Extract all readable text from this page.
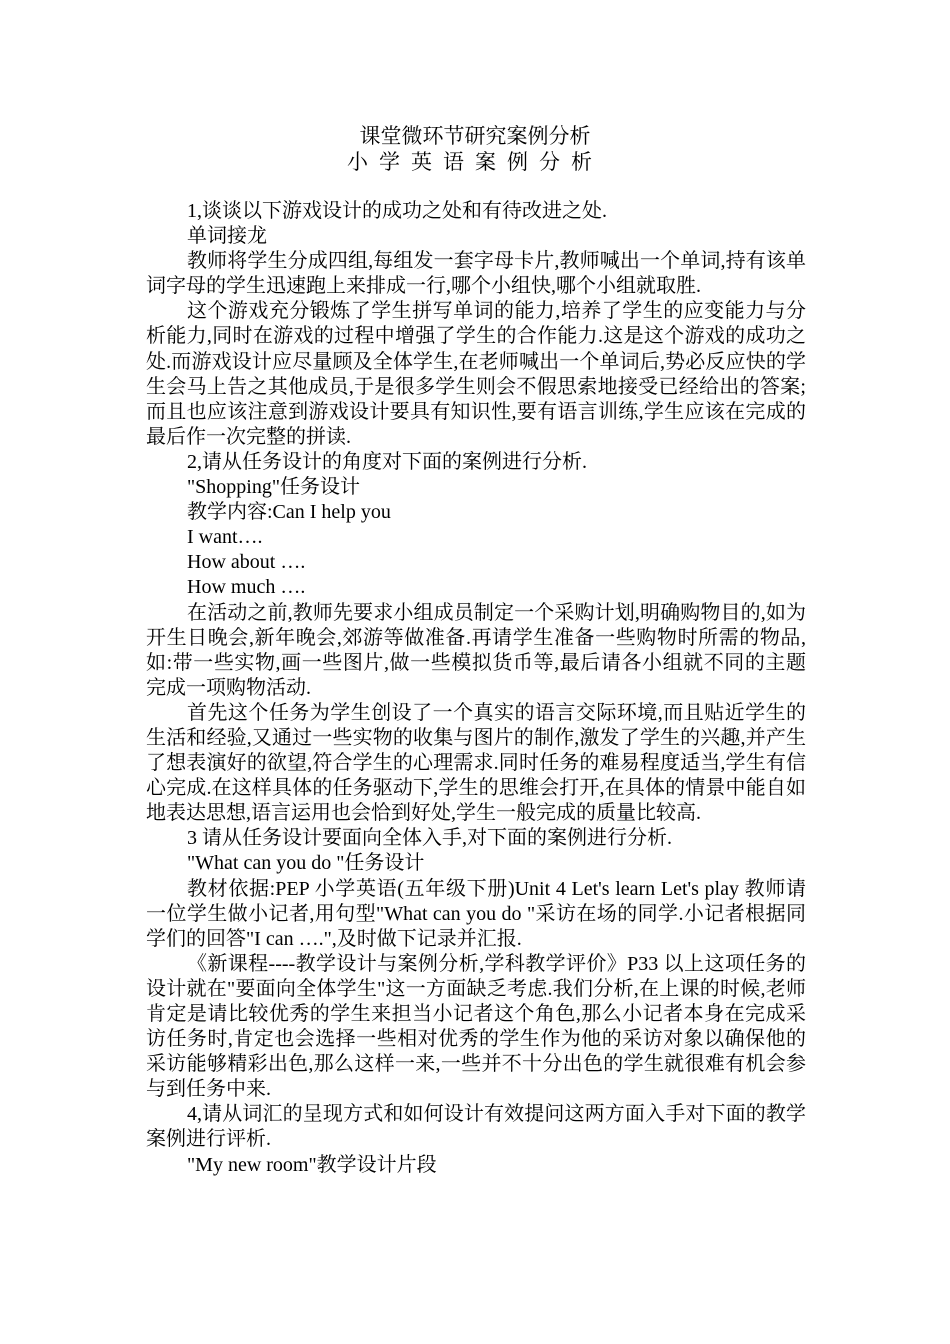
课堂微环节研究案例分析
小学英语案例分析

1,谈谈以下游戏设计的成功之处和有待改进之处.

单词接龙

教师将学生分成四组,每组发一套字母卡片,教师喊出一个单词,持有该单词字母的学生迅速跑上来排成一行,哪个小组快,哪个小组就取胜.

这个游戏充分锻炼了学生拼写单词的能力,培养了学生的应变能力与分析能力,同时在游戏的过程中增强了学生的合作能力.这是这个游戏的成功之处.而游戏设计应尽量顾及全体学生,在老师喊出一个单词后,势必反应快的学生会马上告之其他成员,于是很多学生则会不假思索地接受已经给出的答案;而且也应该注意到游戏设计要具有知识性,要有语言训练,学生应该在完成的最后作一次完整的拼读.

2,请从任务设计的角度对下面的案例进行分析.

"Shopping"任务设计

教学内容:Can I help you

I want….

How about ….

How much ….

在活动之前,教师先要求小组成员制定一个采购计划,明确购物目的,如为开生日晚会,新年晚会,郊游等做准备.再请学生准备一些购物时所需的物品,如:带一些实物,画一些图片,做一些模拟货币等,最后请各小组就不同的主题完成一项购物活动.

首先这个任务为学生创设了一个真实的语言交际环境,而且贴近学生的生活和经验,又通过一些实物的收集与图片的制作,激发了学生的兴趣,并产生了想表演好的欲望,符合学生的心理需求.同时任务的难易程度适当,学生有信心完成.在这样具体的任务驱动下,学生的思维会打开,在具体的情景中能自如地表达思想,语言运用也会恰到好处,学生一般完成的质量比较高.

3 请从任务设计要面向全体入手,对下面的案例进行分析.

"What can you do "任务设计

教材依据:PEP 小学英语(五年级下册)Unit 4 Let's learn Let's play 教师请一位学生做小记者,用句型"What can you do "采访在场的同学.小记者根据同学们的回答"I can ….",及时做下记录并汇报.

《新课程----教学设计与案例分析,学科教学评价》P33 以上这项任务的设计就在"要面向全体学生"这一方面缺乏考虑.我们分析,在上课的时候,老师肯定是请比较优秀的学生来担当小记者这个角色,那么小记者本身在完成采访任务时,肯定也会选择一些相对优秀的学生作为他的采访对象以确保他的采访能够精彩出色,那么这样一来,一些并不十分出色的学生就很难有机会参与到任务中来.

4,请从词汇的呈现方式和如何设计有效提问这两方面入手对下面的教学案例进行评析.

"My new room"教学设计片段
